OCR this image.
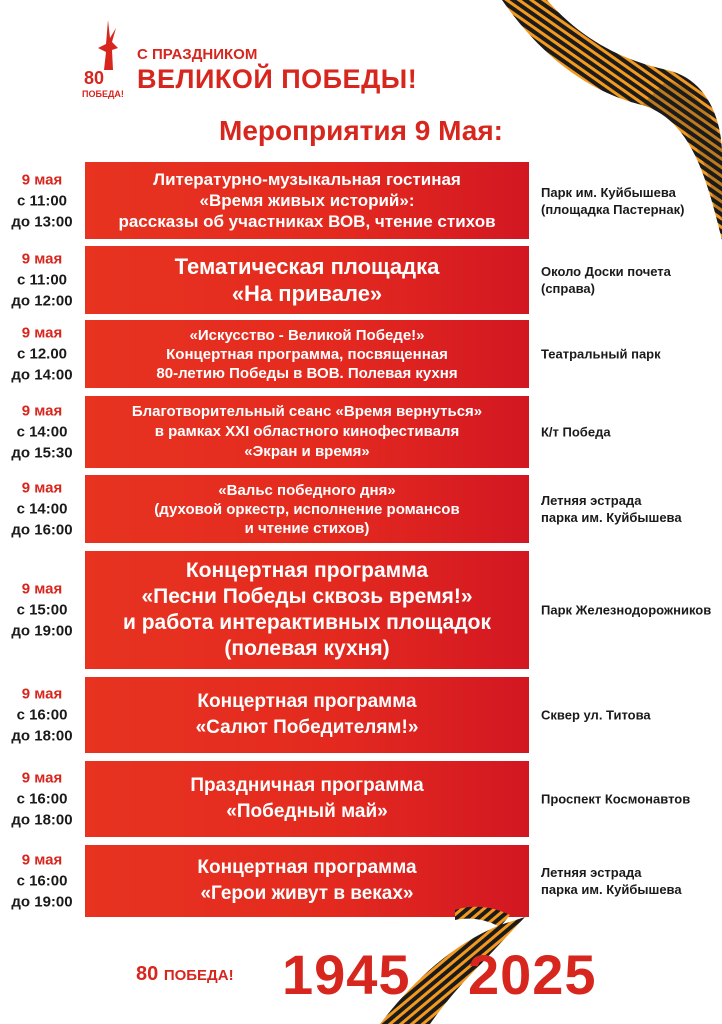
80
ПОБЕДА!
С ПРАЗДНИКОМ
ВЕЛИКОЙ ПОБЕДЫ!
Мероприятия 9 Мая:
9 мая
с 11:00
до 13:00
Литературно-музыкальная гостиная
«Время живых историй»:
рассказы об участниках ВОВ, чтение стихов
Парк им. Куйбышева
(площадка Пастернак)
9 мая
с 11:00
до 12:00
Тематическая площадка
«На привале»
Около Доски почета
(справа)
9 мая
с 12.00
до 14:00
«Искусство - Великой Победе!»
Концертная программа, посвященная
80-летию Победы в ВОВ. Полевая кухня
Театральный парк
9 мая
с 14:00
до 15:30
Благотворительный сеанс «Время вернуться»
в рамках XXI областного кинофестиваля
«Экран и время»
К/т Победа
9 мая
с 14:00
до 16:00
«Вальс победного дня»
(духовой оркестр, исполнение романсов
и чтение стихов)
Летняя эстрада
парка им. Куйбышева
9 мая
с 15:00
до 19:00
Концертная программа
«Песни Победы сквозь время!»
и работа интерактивных площадок
(полевая кухня)
Парк Железнодорожников
9 мая
с 16:00
до 18:00
Концертная программа
«Салют Победителям!»
Сквер ул. Титова
9 мая
с 16:00
до 18:00
Праздничная программа
«Победный май»
Проспект Космонавтов
9 мая
с 16:00
до 19:00
Концертная программа
«Герои живут в веках»
Летняя эстрада
парка им. Куйбышева
80 ПОБЕДА! 1945 2025
